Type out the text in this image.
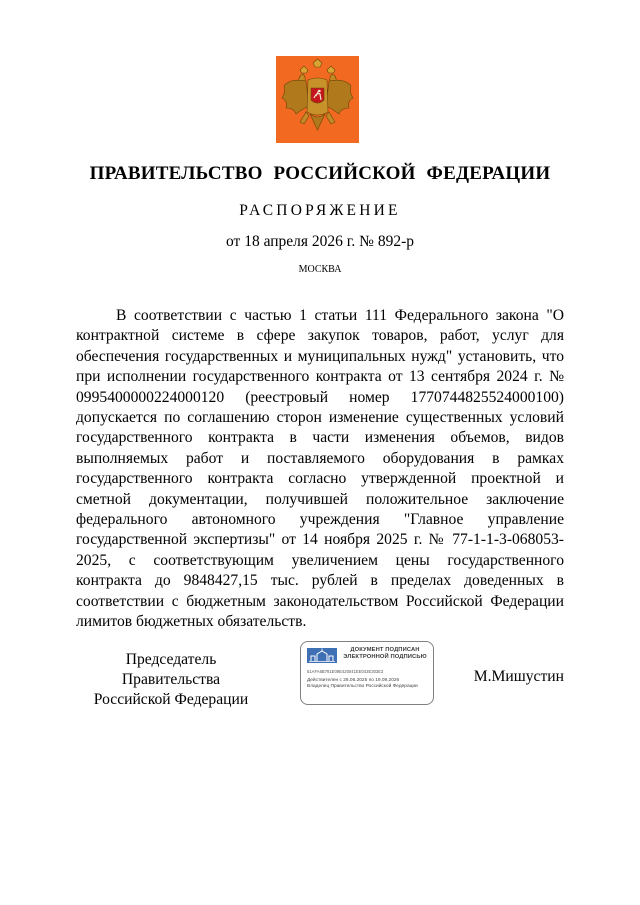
ПРАВИТЕЛЬСТВО РОССИЙСКОЙ ФЕДЕРАЦИИ
РАСПОРЯЖЕНИЕ
от 18 апреля 2026 г. № 892-р
МОСКВА
В соответствии с частью 1 статьи 111 Федерального закона "О контрактной системе в сфере закупок товаров, работ, услуг для обеспечения государственных и муниципальных нужд" установить, что при исполнении государственного контракта от 13 сентября 2024 г. № 0995400000224000120 (реестровый номер 1770744825524000100) допускается по соглашению сторон изменение существенных условий государственного контракта в части изменения объемов, видов выполняемых работ и поставляемого оборудования в рамках государственного контракта согласно утвержденной проектной и сметной документации, получившей положительное заключение федерального автономного учреждения "Главное управление государственной экспертизы" от 14 ноября 2025 г. № 77-1-1-3-068053-2025, с соответствующим увеличением цены государственного контракта до 9848427,15 тыс. рублей в пределах доведенных в соответствии с бюджетным законодательством Российской Федерации лимитов бюджетных обязательств.
Председатель Правительства
Российской Федерации
ДОКУМЕНТ ПОДПИСАН
ЭЛЕКТРОННОЙ ПОДПИСЬЮ
51AFA6B781E09E420041EE043E303E3
Действителен с 26.06.2025 по 19.09.2026
Владелец Правительство Российской Федерации
М.Мишустин
